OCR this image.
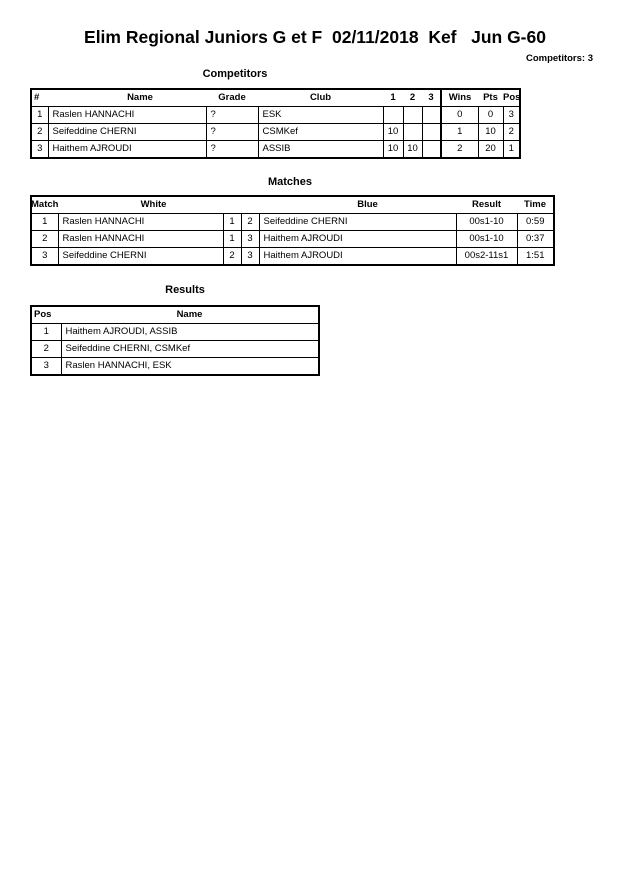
Elim Regional Juniors G et F  02/11/2018  Kef   Jun G-60
Competitors: 3
Competitors
#	Name	Grade	Club	1	2	3	Wins	Pts	Pos
1	Raslen HANNACHI	?	ESK				0	0	3
2	Seifeddine CHERNI	?	CSMKef	10			1	10	2
3	Haithem AJROUDI	?	ASSIB	10	10		2	20	1
Matches
Match	White			Blue	Result	Time
1	Raslen HANNACHI	1	2	Seifeddine CHERNI	00s1-10	0:59
2	Raslen HANNACHI	1	3	Haithem AJROUDI	00s1-10	0:37
3	Seifeddine CHERNI	2	3	Haithem AJROUDI	00s2-11s1	1:51
Results
Pos	Name
1	Haithem AJROUDI, ASSIB
2	Seifeddine CHERNI, CSMKef
3	Raslen HANNACHI, ESK
